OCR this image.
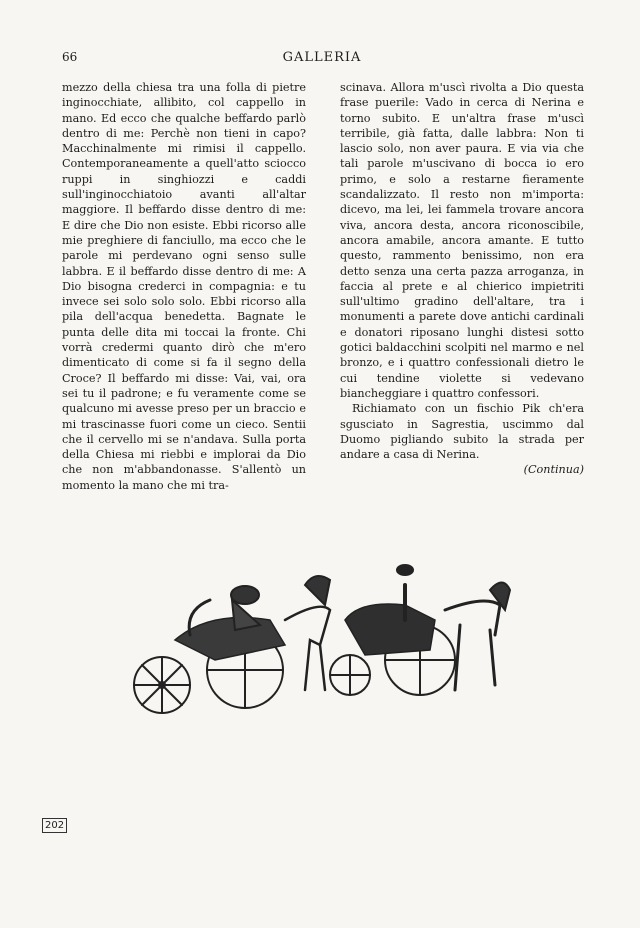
66	GALLERIA

mezzo della chiesa tra una folla di pietre inginocchiate, allibito, col cappello in mano. Ed ecco che qualche beffardo parlò dentro di me: Perchè non tieni in capo? Macchinalmente mi rimisi il cappello. Contemporaneamente a quell'atto sciocco ruppi in singhiozzi e caddi sull'inginocchiatoio avanti all'altar maggiore. Il beffardo disse dentro di me: E dire che Dio non esiste. Ebbi ricorso alle mie preghiere di fanciullo, ma ecco che le parole mi perdevano ogni senso sulle labbra. E il beffardo disse dentro di me: A Dio bisogna crederci in compagnia: e tu invece sei solo solo solo. Ebbi ricorso alla pila dell'acqua benedetta. Bagnate le punta delle dita mi toccai la fronte. Chi vorrà credermi quanto dirò che m'ero dimenticato di come si fa il segno della Croce? Il beffardo mi disse: Vai, vai, ora sei tu il padrone; e fu veramente come se qualcuno mi avesse preso per un braccio e mi trascinasse fuori come un cieco. Sentii che il cervello mi se n'andava. Sulla porta della Chiesa mi riebbi e implorai da Dio che non m'abbandonasse. S'allentò un momento la mano che mi tra-

scinava. Allora m'uscì rivolta a Dio questa frase puerile: Vado in cerca di Nerina e torno subito. E un'altra frase m'uscì terribile, già fatta, dalle labbra: Non ti lascio solo, non aver paura. E via via che tali parole m'uscivano di bocca io ero primo, e solo a restarne fieramente scandalizzato. Il resto non m'importa: dicevo, ma lei, lei fammela trovare ancora viva, ancora desta, ancora riconoscibile, ancora amabile, ancora amante. E tutto questo, rammento benissimo, non era detto senza una certa pazza arroganza, in faccia al prete e al chierico impietriti sull'ultimo gradino dell'altare, tra i monumenti a parete dove antichi cardinali e donatori riposano lunghi distesi sotto gotici baldacchini scolpiti nel marmo e nel bronzo, e i quattro confessionali dietro le cui tendine violette si vedevano biancheggiare i quattro confessori.

Richiamato con un fischio Pik ch'era sgusciato in Sagrestia, uscimmo dal Duomo pigliando subito la strada per andare a casa di Nerina.

(Continua)

202
